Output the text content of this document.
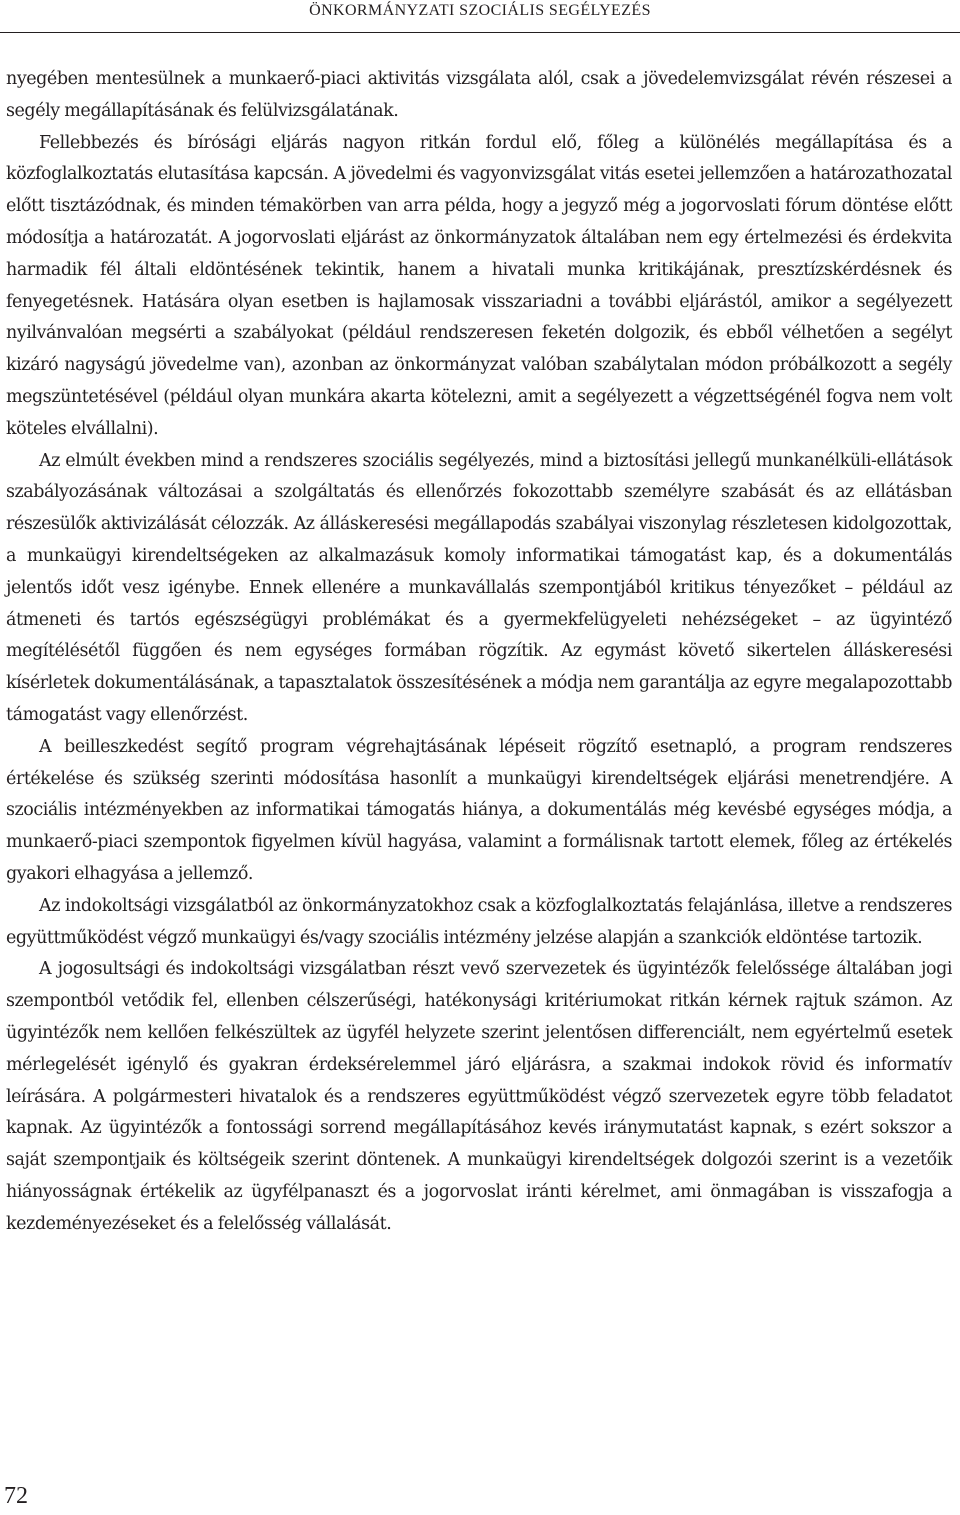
ÖNKORMÁNYZATI SZOCIÁLIS SEGÉLYEZÉS

nyegében mentesülnek a munkaerő-piaci aktivitás vizsgálata alól, csak a jövedelemvizsgálat révén részesei a segély megállapításának és felülvizsgálatának.

Fellebbezés és bírósági eljárás nagyon ritkán fordul elő, főleg a különélés megállapítása és a közfoglalkoztatás elutasítása kapcsán. A jövedelmi és vagyonvizsgálat vitás esetei jellemzően a határozathozatal előtt tisztázódnak, és minden témakörben van arra példa, hogy a jegyző még a jogorvoslati fórum döntése előtt módosítja a határozatát. A jogorvoslati eljárást az önkormányzatok általában nem egy értelmezési és érdekvita harmadik fél általi eldöntésének tekintik, hanem a hivatali munka kritikájának, presztízskérdésnek és fenyegetésnek. Hatására olyan esetben is hajlamosak visszariadni a további eljárástól, amikor a segélyezett nyilvánvalóan megsérti a szabályokat (például rendszeresen feketén dolgozik, és ebből vélhetően a segélyt kizáró nagyságú jövedelme van), azonban az önkormányzat valóban szabálytalan módon próbálkozott a segély megszüntetésével (például olyan munkára akarta kötelezni, amit a segélyezett a végzettségénél fogva nem volt köteles elvállalni).

Az elmúlt években mind a rendszeres szociális segélyezés, mind a biztosítási jellegű munkanélküli-ellátások szabályozásának változásai a szolgáltatás és ellenőrzés fokozottabb személyre szabását és az ellátásban részesülők aktivizálását célozzák. Az álláskeresési megállapodás szabályai viszonylag részletesen kidolgozottak, a munkaügyi kirendeltségeken az alkalmazásuk komoly informatikai támogatást kap, és a dokumentálás jelentős időt vesz igénybe. Ennek ellenére a munkavállalás szempontjából kritikus tényezőket – például az átmeneti és tartós egészségügyi problémákat és a gyermekfelügyeleti nehézségeket – az ügyintéző megítélésétől függően és nem egységes formában rögzítik. Az egymást követő sikertelen álláskeresési kísérletek dokumentálásának, a tapasztalatok összesítésének a módja nem garantálja az egyre megalapozottabb támogatást vagy ellenőrzést.

A beilleszkedést segítő program végrehajtásának lépéseit rögzítő esetnapló, a program rendszeres értékelése és szükség szerinti módosítása hasonlít a munkaügyi kirendeltségek eljárási menetrendjére. A szociális intézményekben az informatikai támogatás hiánya, a dokumentálás még kevésbé egységes módja, a munkaerő-piaci szempontok figyelmen kívül hagyása, valamint a formálisnak tartott elemek, főleg az értékelés gyakori elhagyása a jellemző.

Az indokoltsági vizsgálatból az önkormányzatokhoz csak a közfoglalkoztatás felajánlása, illetve a rendszeres együttműködést végző munkaügyi és/vagy szociális intézmény jelzése alapján a szankciók eldöntése tartozik.

A jogosultsági és indokoltsági vizsgálatban részt vevő szervezetek és ügyintézők felelőssége általában jogi szempontból vetődik fel, ellenben célszerűségi, hatékonysági kritériumokat ritkán kérnek rajtuk számon. Az ügyintézők nem kellően felkészültek az ügyfél helyzete szerint jelentősen differenciált, nem egyértelmű esetek mérlegelését igénylő és gyakran érdeksérelemmel járó eljárásra, a szakmai indokok rövid és informatív leírására. A polgármesteri hivatalok és a rendszeres együttműködést végző szervezetek egyre több feladatot kapnak. Az ügyintézők a fontossági sorrend megállapításához kevés iránymutatást kapnak, s ezért sokszor a saját szempontjaik és költségeik szerint döntenek. A munkaügyi kirendeltségek dolgozói szerint is a vezetőik hiányosságnak értékelik az ügyfélpanaszt és a jogorvoslat iránti kérelmet, ami önmagában is visszafogja a kezdeményezéseket és a felelősség vállalását.

72
